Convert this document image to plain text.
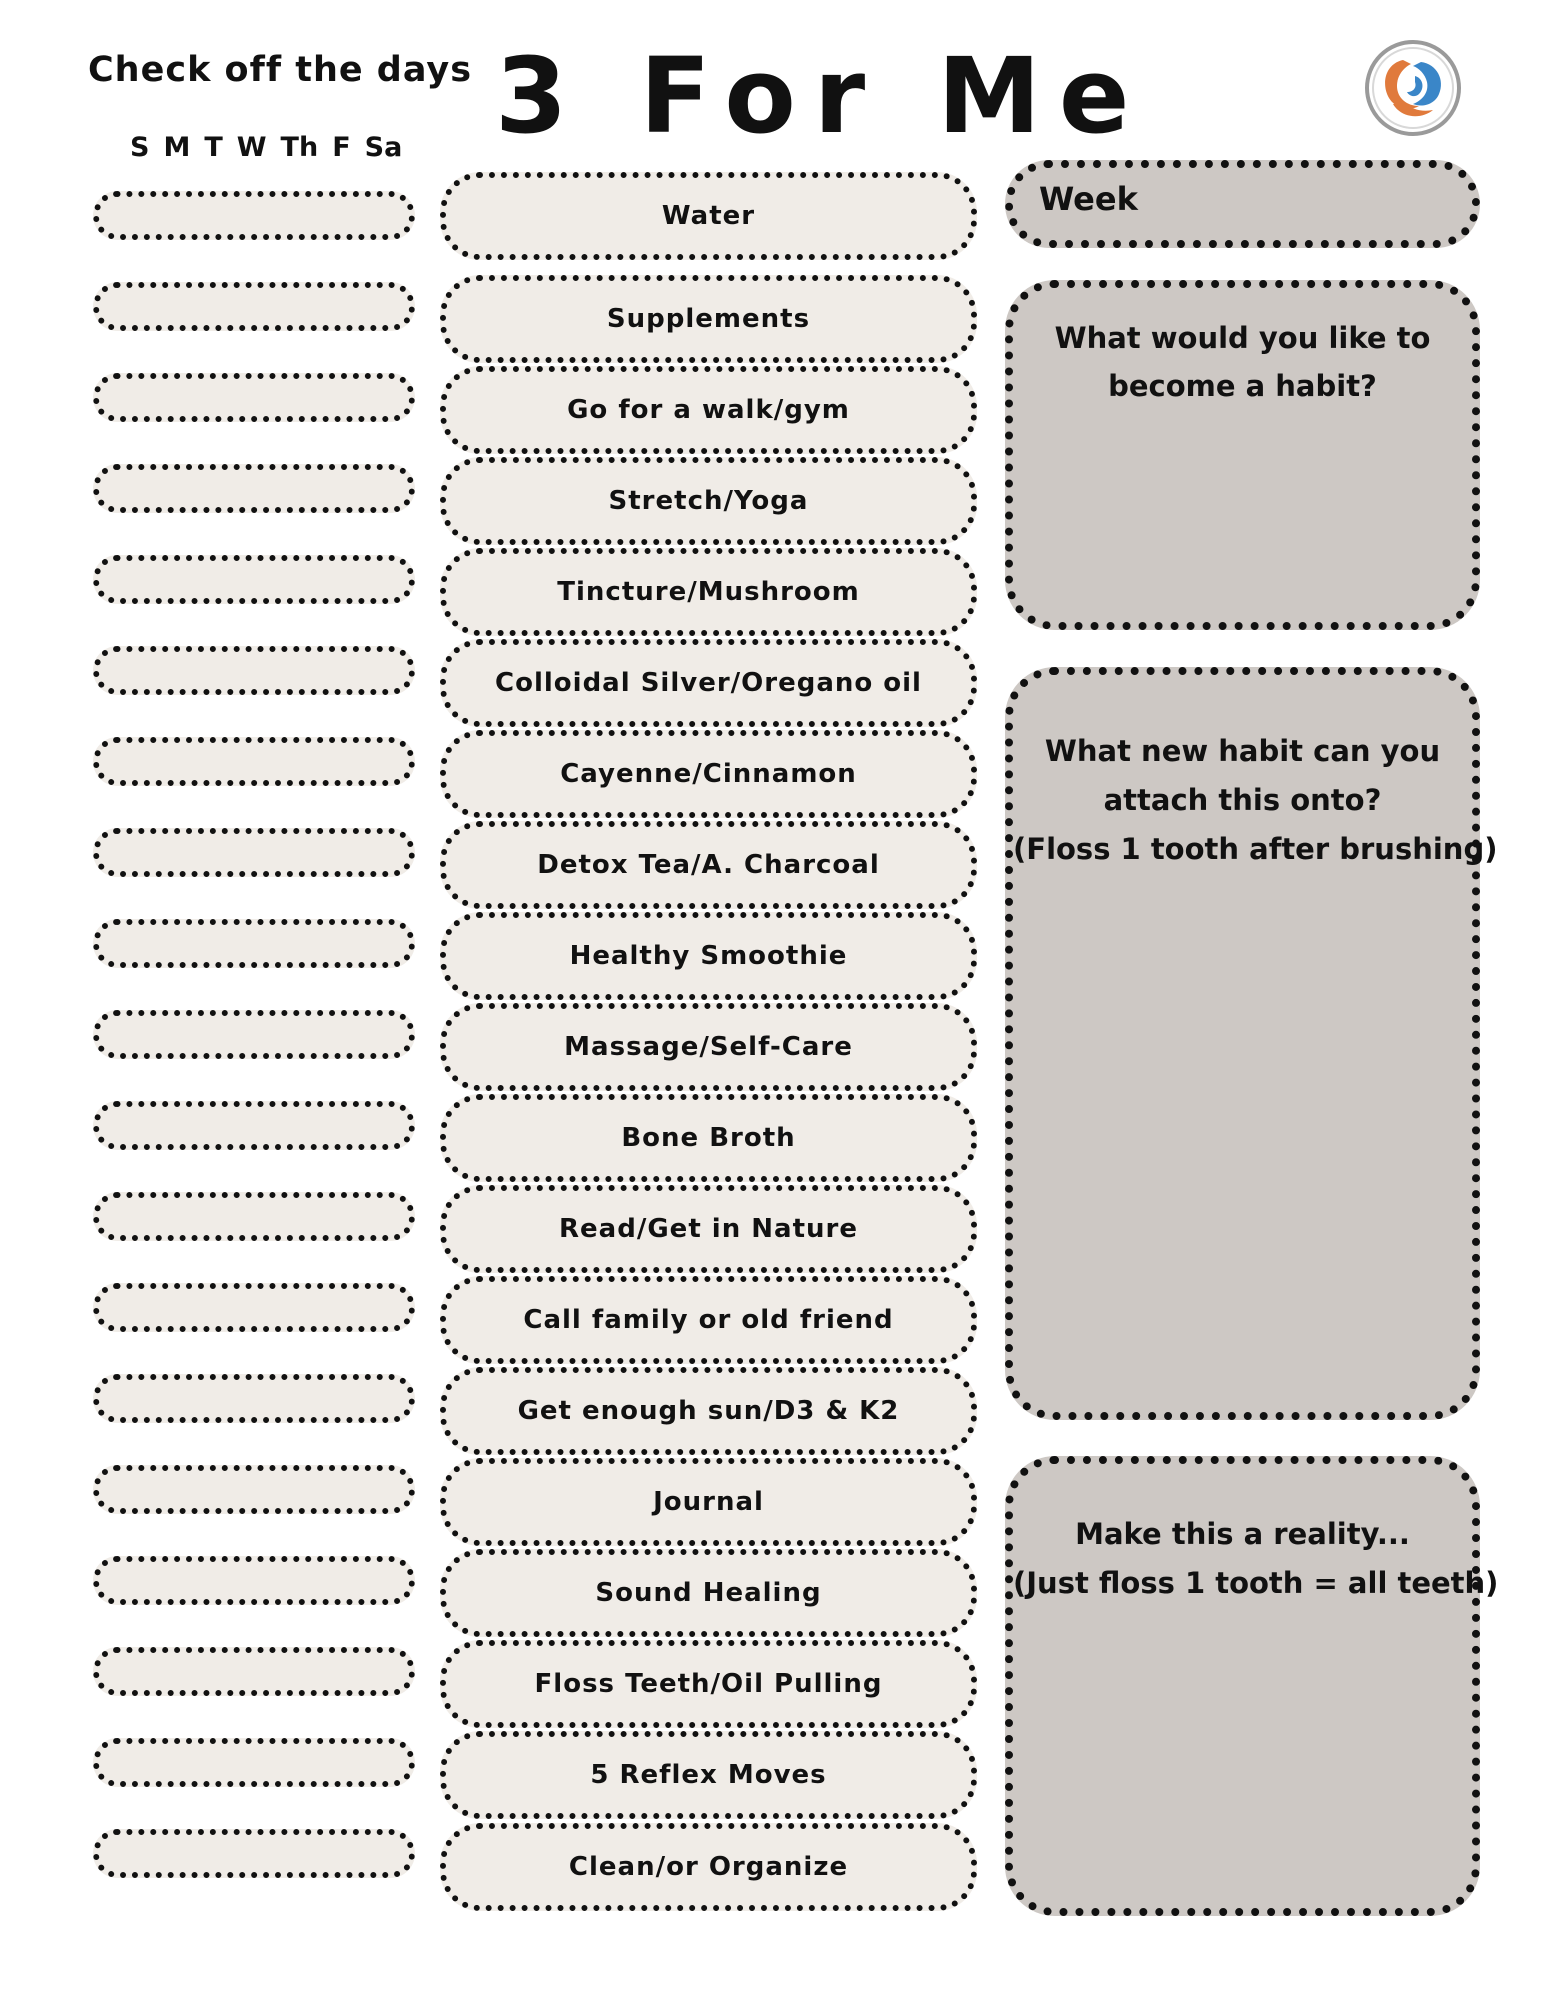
Check off the days
S M T W Th F Sa 3 For Me
Water
Supplements
Go for a walk/gym
Stretch/Yoga
Tincture/Mushroom
Colloidal Silver/Oregano oil
Cayenne/Cinnamon
Detox Tea/A. Charcoal
Healthy Smoothie
Massage/Self-Care
Bone Broth
Read/Get in Nature
Call family or old friend
Get enough sun/D3 & K2
Journal
Sound Healing
Floss Teeth/Oil Pulling
5 Reflex Moves
Clean/or Organize
Week
What would you like to
become a habit?
What new habit can you
attach this onto?
(Floss 1 tooth after brushing)
Make this a reality...
(Just floss 1 tooth = all teeth)
